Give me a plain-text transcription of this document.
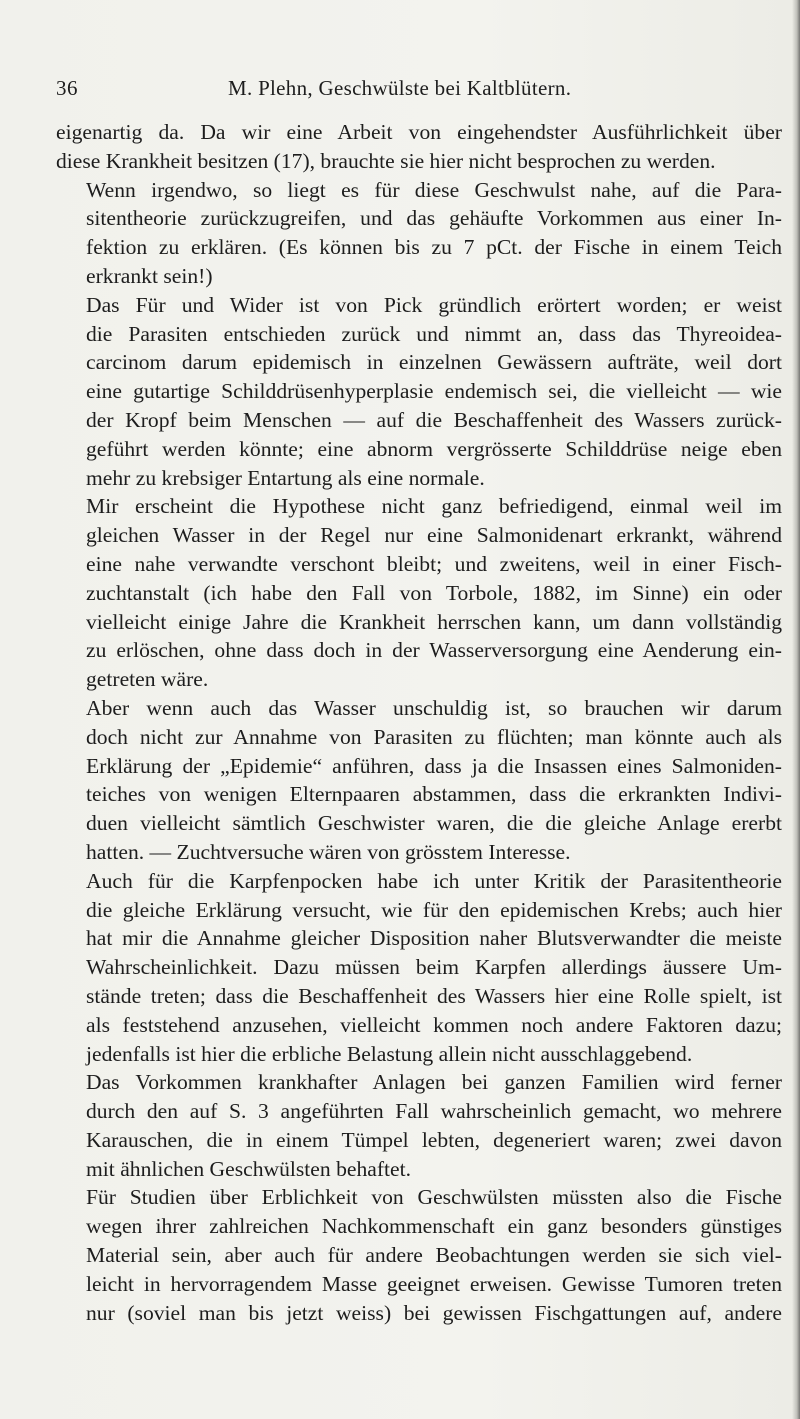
36	M. Plehn, Geschwülste bei Kaltblütern.

eigenartig da. Da wir eine Arbeit von eingehendster Ausführlichkeit über
diese Krankheit besitzen (17), brauchte sie hier nicht besprochen zu werden.

Wenn irgendwo, so liegt es für diese Geschwulst nahe, auf die Para-
sitentheorie zurückzugreifen, und das gehäufte Vorkommen aus einer In-
fektion zu erklären. (Es können bis zu 7 pCt. der Fische in einem Teich
erkrankt sein!)

Das Für und Wider ist von Pick gründlich erörtert worden; er weist
die Parasiten entschieden zurück und nimmt an, dass das Thyreoidea-
carcinom darum epidemisch in einzelnen Gewässern aufträte, weil dort
eine gutartige Schilddrüsenhyperplasie endemisch sei, die vielleicht — wie
der Kropf beim Menschen — auf die Beschaffenheit des Wassers zurück-
geführt werden könnte; eine abnorm vergrösserte Schilddrüse neige eben
mehr zu krebsiger Entartung als eine normale.

Mir erscheint die Hypothese nicht ganz befriedigend, einmal weil im
gleichen Wasser in der Regel nur eine Salmonidenart erkrankt, während
eine nahe verwandte verschont bleibt; und zweitens, weil in einer Fisch-
zuchtanstalt (ich habe den Fall von Torbole, 1882, im Sinne) ein oder
vielleicht einige Jahre die Krankheit herrschen kann, um dann vollständig
zu erlöschen, ohne dass doch in der Wasserversorgung eine Aenderung ein-
getreten wäre.

Aber wenn auch das Wasser unschuldig ist, so brauchen wir darum
doch nicht zur Annahme von Parasiten zu flüchten; man könnte auch als
Erklärung der „Epidemie“ anführen, dass ja die Insassen eines Salmoniden-
teiches von wenigen Elternpaaren abstammen, dass die erkrankten Indivi-
duen vielleicht sämtlich Geschwister waren, die die gleiche Anlage ererbt
hatten. — Zuchtversuche wären von grösstem Interesse.

Auch für die Karpfenpocken habe ich unter Kritik der Parasitentheorie
die gleiche Erklärung versucht, wie für den epidemischen Krebs; auch hier
hat mir die Annahme gleicher Disposition naher Blutsverwandter die meiste
Wahrscheinlichkeit. Dazu müssen beim Karpfen allerdings äussere Um-
stände treten; dass die Beschaffenheit des Wassers hier eine Rolle spielt, ist
als feststehend anzusehen, vielleicht kommen noch andere Faktoren dazu;
jedenfalls ist hier die erbliche Belastung allein nicht ausschlaggebend.

Das Vorkommen krankhafter Anlagen bei ganzen Familien wird ferner
durch den auf S. 3 angeführten Fall wahrscheinlich gemacht, wo mehrere
Karauschen, die in einem Tümpel lebten, degeneriert waren; zwei davon
mit ähnlichen Geschwülsten behaftet.

Für Studien über Erblichkeit von Geschwülsten müssten also die Fische
wegen ihrer zahlreichen Nachkommenschaft ein ganz besonders günstiges
Material sein, aber auch für andere Beobachtungen werden sie sich viel-
leicht in hervorragendem Masse geeignet erweisen. Gewisse Tumoren treten
nur (soviel man bis jetzt weiss) bei gewissen Fischgattungen auf, andere
